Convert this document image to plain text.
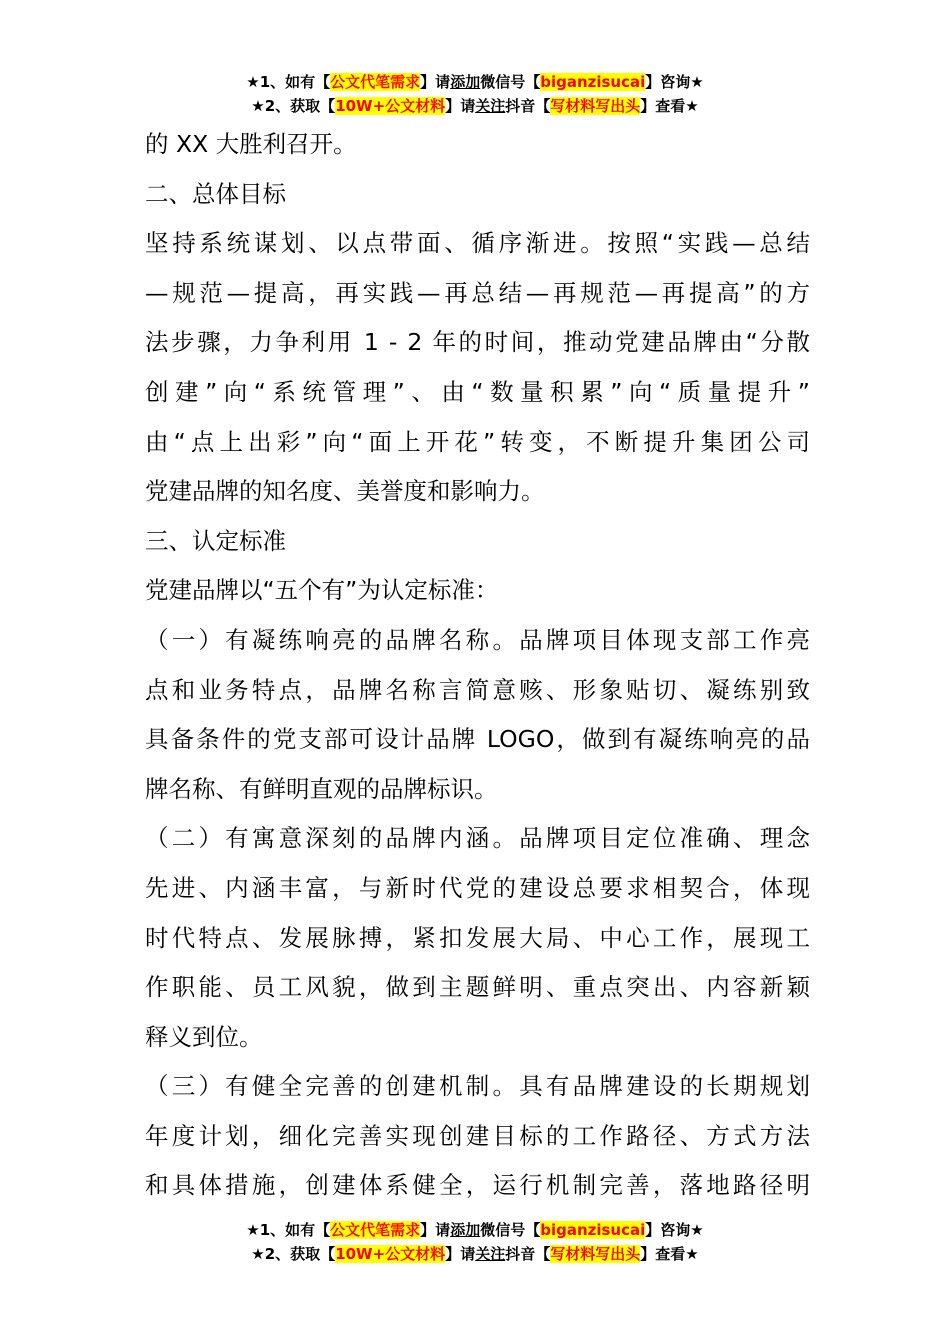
★1、如有【公文代笔需求】请添加微信号【biganzisucai】咨询★
★2、获取【10W+公文材料】请关注抖音【写材料写出头】查看★

的 XX 大胜利召开。

二、总体目标

坚持系统谋划、以点带面、循序渐进。按照“实践—总结

—规范—提高，再实践—再总结—再规范—再提高”的方

法步骤，力争利用 1 - 2 年的时间，推动党建品牌由“分散

创建”向“系统管理”、由“数量积累”向“质量提升”

由“点上出彩”向“面上开花”转变，不断提升集团公司

党建品牌的知名度、美誉度和影响力。

三、认定标准

党建品牌以“五个有”为认定标准：

（一）有凝练响亮的品牌名称。品牌项目体现支部工作亮

点和业务特点，品牌名称言简意赅、形象贴切、凝练别致

具备条件的党支部可设计品牌 LOGO，做到有凝练响亮的品

牌名称、有鲜明直观的品牌标识。

（二）有寓意深刻的品牌内涵。品牌项目定位准确、理念

先进、内涵丰富，与新时代党的建设总要求相契合，体现

时代特点、发展脉搏，紧扣发展大局、中心工作，展现工

作职能、员工风貌，做到主题鲜明、重点突出、内容新颖

释义到位。

（三）有健全完善的创建机制。具有品牌建设的长期规划

年度计划，细化完善实现创建目标的工作路径、方式方法

和具体措施，创建体系健全，运行机制完善，落地路径明

★1、如有【公文代笔需求】请添加微信号【biganzisucai】咨询★
★2、获取【10W+公文材料】请关注抖音【写材料写出头】查看★
